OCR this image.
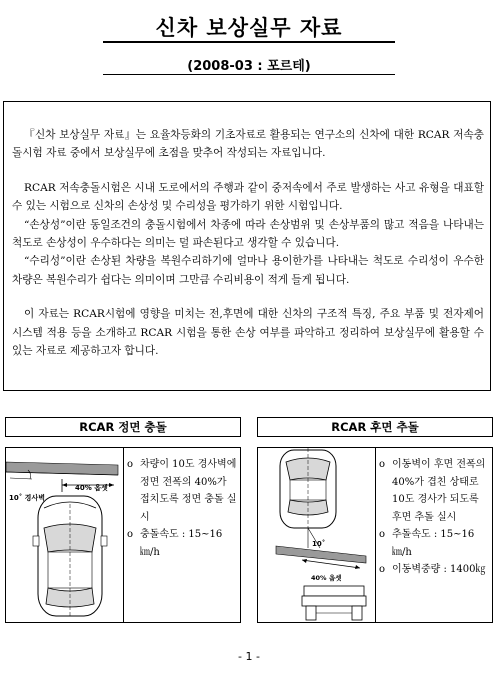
신차 보상실무 자료
(2008-03 : 포르테)

『신차 보상실무 자료』는 요율차등화의 기초자료로 활용되는 연구소의 신차에 대한 RCAR 저속충돌시험 자료 중에서 보상실무에 초점을 맞추어 작성되는 자료입니다.

RCAR 저속충돌시험은 시내 도로에서의 주행과 같이 중저속에서 주로 발생하는 사고 유형을 대표할 수 있는 시험으로 신차의 손상성 및 수리성을 평가하기 위한 시험입니다.

“손상성”이란 동일조건의 충돌시험에서 차종에 따라 손상범위 및 손상부품의 많고 적음을 나타내는 척도로 손상성이 우수하다는 의미는 덜 파손된다고 생각할 수 있습니다.

“수리성”이란 손상된 차량을 복원수리하기에 얼마나 용이한가를 나타내는 척도로 수리성이 우수한 차량은 복원수리가 쉽다는 의미이며 그만큼 수리비용이 적게 들게 됩니다.

이 자료는 RCAR시험에 영향을 미치는 전,후면에 대한 신차의 구조적 특징, 주요 부품 및 전자제어 시스템 적용 등을 소개하고 RCAR 시험을 통한 손상 여부를 파악하고 정리하여 보상실무에 활용할 수 있는 자료로 제공하고자 합니다.

RCAR 정면 충돌	RCAR 후면 추돌
40% 옵셋
10˚ 경사벽
o 차량이 10도 경사벽에 정면 전폭의 40%가 접치도록 정면 충돌 실시
o 충돌속도 : 15~16㎞/h
10˚
40% 옵셋
o 이동벽이 후면 전폭의 40%가 겹친 상태로 10도 경사가 되도록 후면 추돌 실시
o 추돌속도 : 15~16㎞/h
o 이동벽중량 : 1400㎏
- 1 -
